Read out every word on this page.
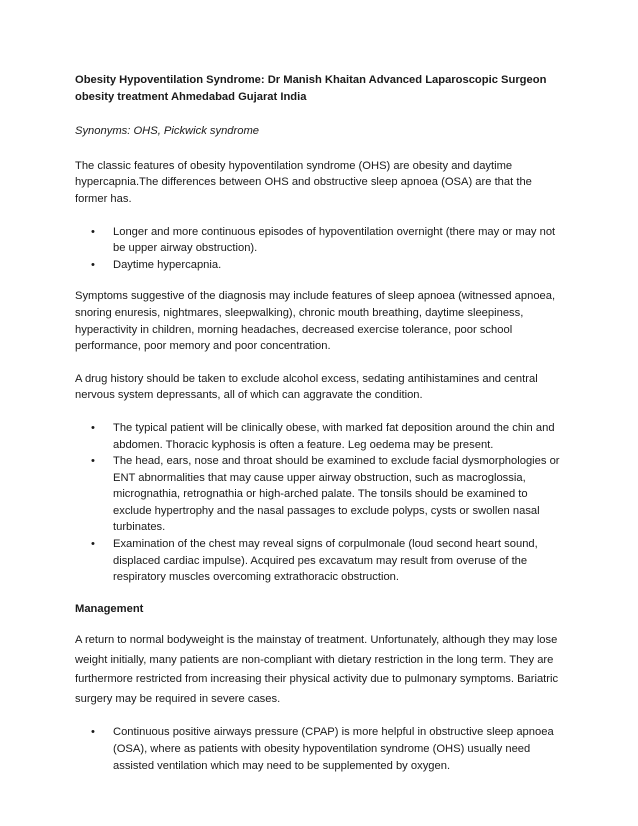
Obesity Hypoventilation Syndrome: Dr Manish Khaitan Advanced Laparoscopic Surgeon obesity treatment Ahmedabad Gujarat India
Synonyms: OHS, Pickwick syndrome

The classic features of obesity hypoventilation syndrome (OHS) are obesity and daytime hypercapnia.The differences between OHS and obstructive sleep apnoea (OSA) are that the former has.

• Longer and more continuous episodes of hypoventilation overnight (there may or may not be upper airway obstruction).
• Daytime hypercapnia.

Symptoms suggestive of the diagnosis may include features of sleep apnoea (witnessed apnoea, snoring enuresis, nightmares, sleepwalking), chronic mouth breathing, daytime sleepiness, hyperactivity in children, morning headaches, decreased exercise tolerance, poor school performance, poor memory and poor concentration.

A drug history should be taken to exclude alcohol excess, sedating antihistamines and central nervous system depressants, all of which can aggravate the condition.

• The typical patient will be clinically obese, with marked fat deposition around the chin and abdomen. Thoracic kyphosis is often a feature. Leg oedema may be present.
• The head, ears, nose and throat should be examined to exclude facial dysmorphologies or ENT abnormalities that may cause upper airway obstruction, such as macroglossia, micrognathia, retrognathia or high-arched palate. The tonsils should be examined to exclude hypertrophy and the nasal passages to exclude polyps, cysts or swollen nasal turbinates.
• Examination of the chest may reveal signs of corpulmonale (loud second heart sound, displaced cardiac impulse). Acquired pes excavatum may result from overuse of the respiratory muscles overcoming extrathoracic obstruction.
Management

A return to normal bodyweight is the mainstay of treatment. Unfortunately, although they may lose weight initially, many patients are non-compliant with dietary restriction in the long term. They are furthermore restricted from increasing their physical activity due to pulmonary symptoms. Bariatric surgery may be required in severe cases.

• Continuous positive airways pressure (CPAP) is more helpful in obstructive sleep apnoea (OSA), where as patients with obesity hypoventilation syndrome (OHS) usually need assisted ventilation which may need to be supplemented by oxygen.
